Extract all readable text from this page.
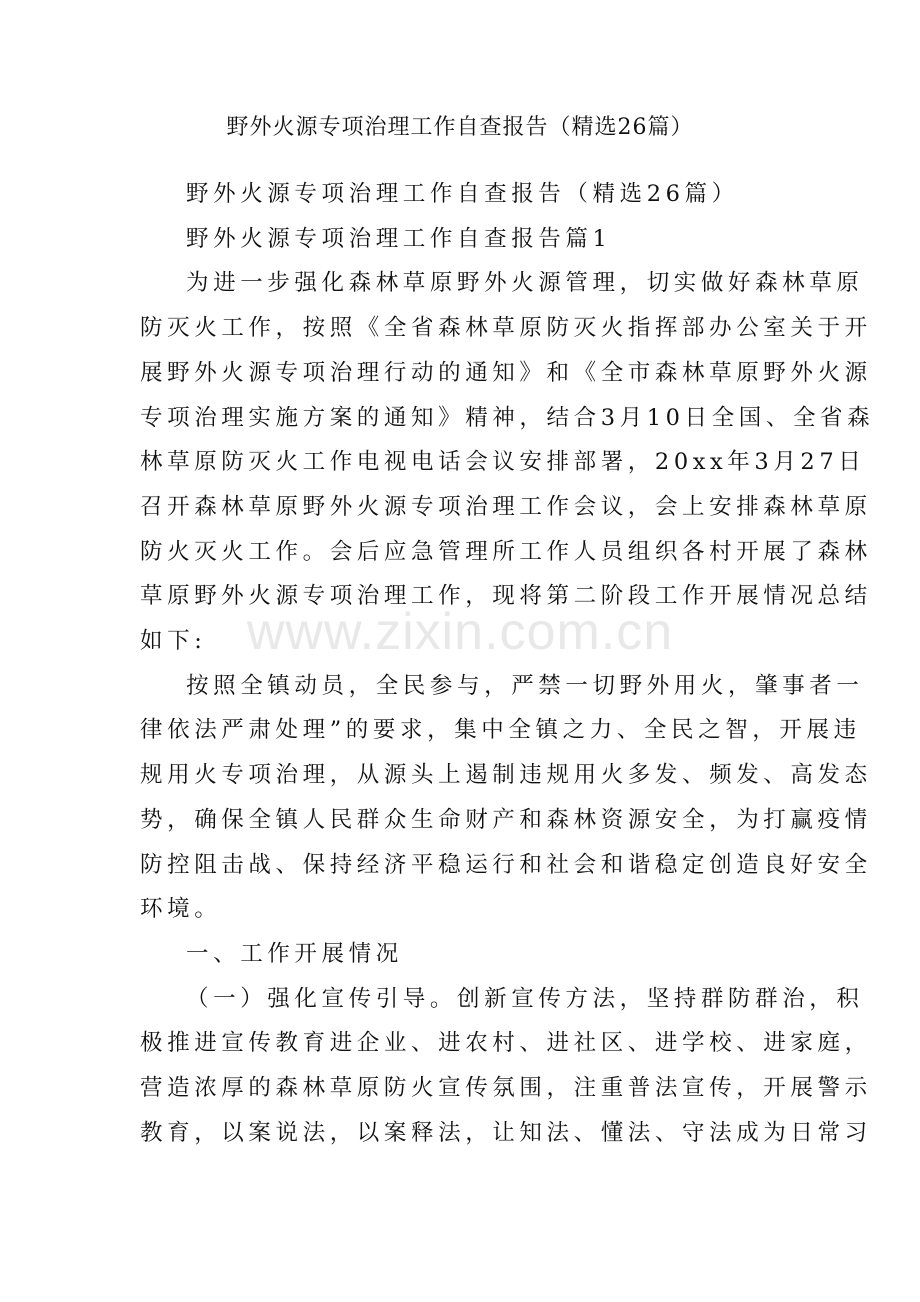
野外火源专项治理工作自查报告（精选26篇）

野外火源专项治理工作自查报告（精选26篇）

野外火源专项治理工作自查报告篇1

为进一步强化森林草原野外火源管理，切实做好森林草原
防灭火工作，按照《全省森林草原防灭火指挥部办公室关于开
展野外火源专项治理行动的通知》和《全市森林草原野外火源
专项治理实施方案的通知》精神，结合3月10日全国、全省森
林草原防灭火工作电视电话会议安排部署，20xx年3月27日
召开森林草原野外火源专项治理工作会议，会上安排森林草原
防火灭火工作。会后应急管理所工作人员组织各村开展了森林
草原野外火源专项治理工作，现将第二阶段工作开展情况总结
如下:

按照全镇动员，全民参与，严禁一切野外用火，肇事者一
律依法严肃处理”的要求，集中全镇之力、全民之智，开展违
规用火专项治理，从源头上遏制违规用火多发、频发、高发态
势，确保全镇人民群众生命财产和森林资源安全，为打赢疫情
防控阻击战、保持经济平稳运行和社会和谐稳定创造良好安全
环境。

一、工作开展情况

（一）强化宣传引导。创新宣传方法，坚持群防群治，积
极推进宣传教育进企业、进农村、进社区、进学校、进家庭，
营造浓厚的森林草原防火宣传氛围，注重普法宣传，开展警示
教育，以案说法，以案释法，让知法、懂法、守法成为日常习

www.zixin.com.cn
